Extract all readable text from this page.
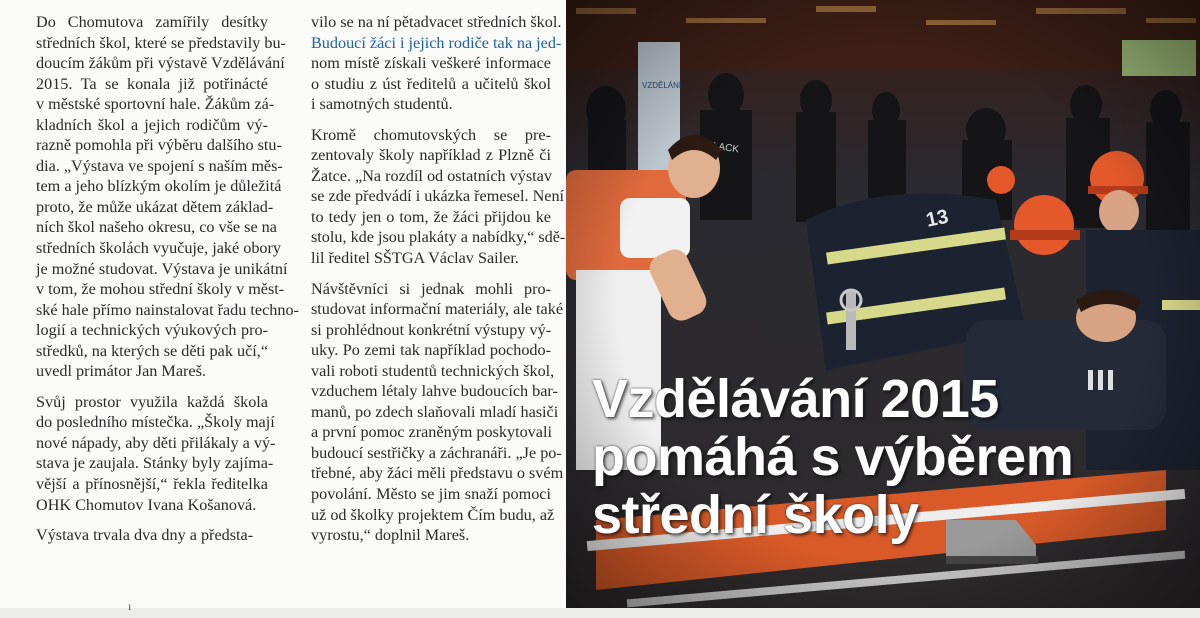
Do Chomutova zamířily desítky
středních škol, které se představily bu-
doucím žákům při výstavě Vzdělávání
2015. Ta se konala již potřinácté
v městské sportovní hale. Žákům zá-
kladních škol a jejich rodičům vý-
razně pomohla při výběru dalšího stu-
dia. „Výstava ve spojení s naším měs-
tem a jeho blízkým okolím je důležitá
proto, že může ukázat dětem základ-
ních škol našeho okresu, co vše se na
středních školách vyučuje, jaké obory
je možné studovat. Výstava je unikátní
v tom, že mohou střední školy v měst-
ské hale přímo nainstalovat řadu techno-
logií a technických výukových pro-
středků, na kterých se děti pak učí,“
uvedl primátor Jan Mareš.

Svůj prostor využila každá škola
do posledního místečka. „Školy mají
nové nápady, aby děti přilákaly a vý-
stava je zaujala. Stánky byly zajíma-
vější a přínosnější,“ řekla ředitelka
OHK Chomutov Ivana Košanová.

Výstava trvala dva dny a předsta-

vilo se na ní pětadvacet středních škol.
Budoucí žáci i jejich rodiče tak na jed-
nom místě získali veškeré informace
o studiu z úst ředitelů a učitelů škol
i samotných studentů.

Kromě chomutovských se pre-
zentovaly školy například z Plzně či
Žatce. „Na rozdíl od ostatních výstav
se zde předvádí i ukázka řemesel. Není
to tedy jen o tom, že žáci přijdou ke
stolu, kde jsou plakáty a nabídky,“ sdě-
lil ředitel SŠTGA Václav Sailer.

Návštěvníci si jednak mohli pro-
studovat informační materiály, ale také
si prohlédnout konkrétní výstupy vý-
uky. Po zemi tak například pochodo-
vali roboti studentů technických škol,
vzduchem létaly lahve budoucích bar-
manů, po zdech slaňovali mladí hasiči
a první pomoc zraněným poskytovali
budoucí sestřičky a záchranáři. „Je po-
třebné, aby žáci měli představu o svém
povolání. Město se jim snaží pomoci
už od školky projektem Čím budu, až
vyrostu,“ doplnil Mareš.

Vzdělávání 2015
pomáhá s výběrem
střední školy
ı
